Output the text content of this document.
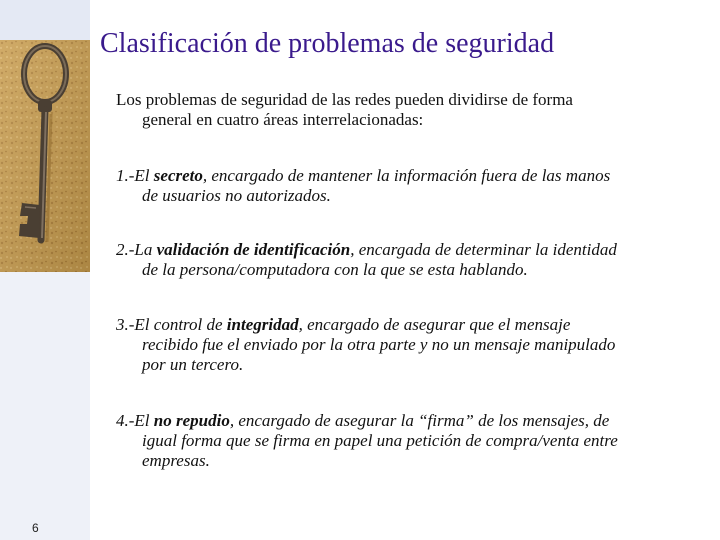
6
Clasificación de problemas de seguridad
Los problemas de seguridad de las redes pueden dividirse de forma
general en cuatro áreas interrelacionadas:
1.-El secreto, encargado de mantener la información fuera de las manos
de usuarios no autorizados.
2.-La validación de identificación, encargada de determinar la identidad
de la persona/computadora con la que se esta hablando.
3.-El control de integridad, encargado de asegurar que el mensaje
recibido fue el enviado por la otra parte y no un mensaje manipulado
por un tercero.
4.-El no repudio, encargado de asegurar la “firma” de los mensajes, de
igual forma que se firma en papel una petición de compra/venta entre
empresas.
